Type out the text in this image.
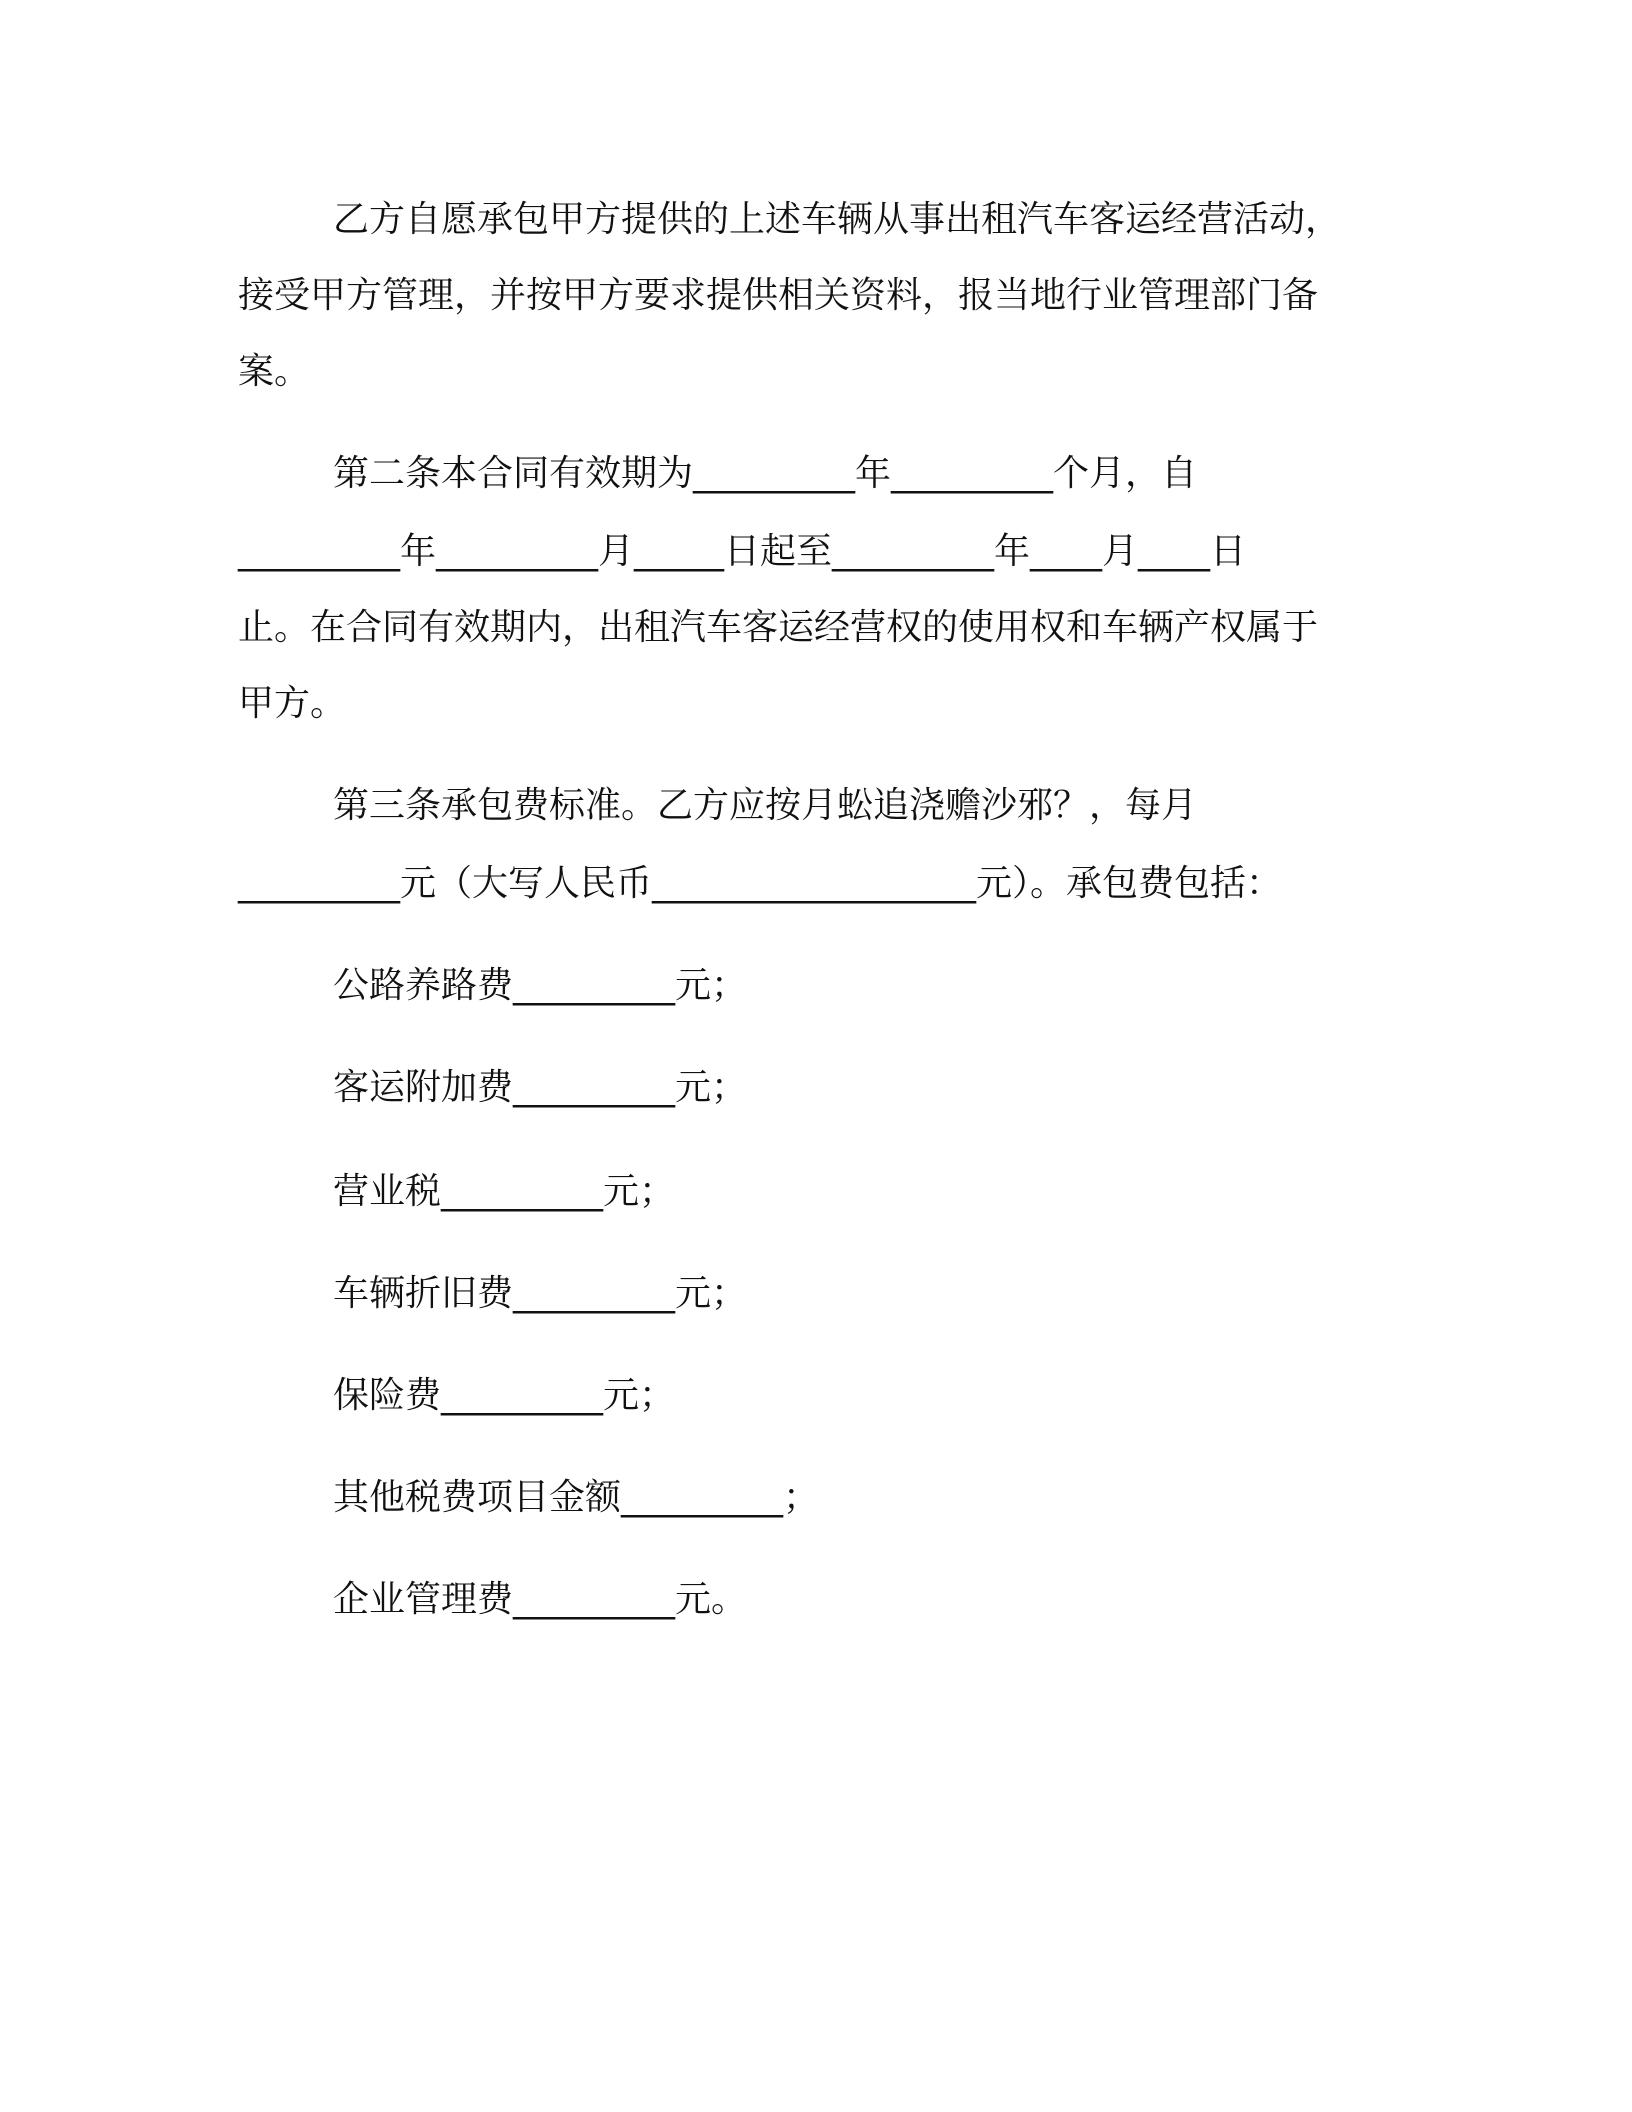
乙方自愿承包甲方提供的上述车辆从事出租汽车客运经营活动，
接受甲方管理，并按甲方要求提供相关资料，报当地行业管理部门备
案。
第二条本合同有效期为_________年_________个月，自
_________年_________月_____日起至_________年____月____日
止。在合同有效期内，出租汽车客运经营权的使用权和车辆产权属于
甲方。
第三条承包费标准。乙方应按月蚣追浇赡沙邪？，每月
_________元（大写人民币__________________元）。承包费包括：
公路养路费_________元；
客运附加费_________元；
营业税_________元；
车辆折旧费_________元；
保险费_________元；
其他税费项目金额_________；
企业管理费_________元。
